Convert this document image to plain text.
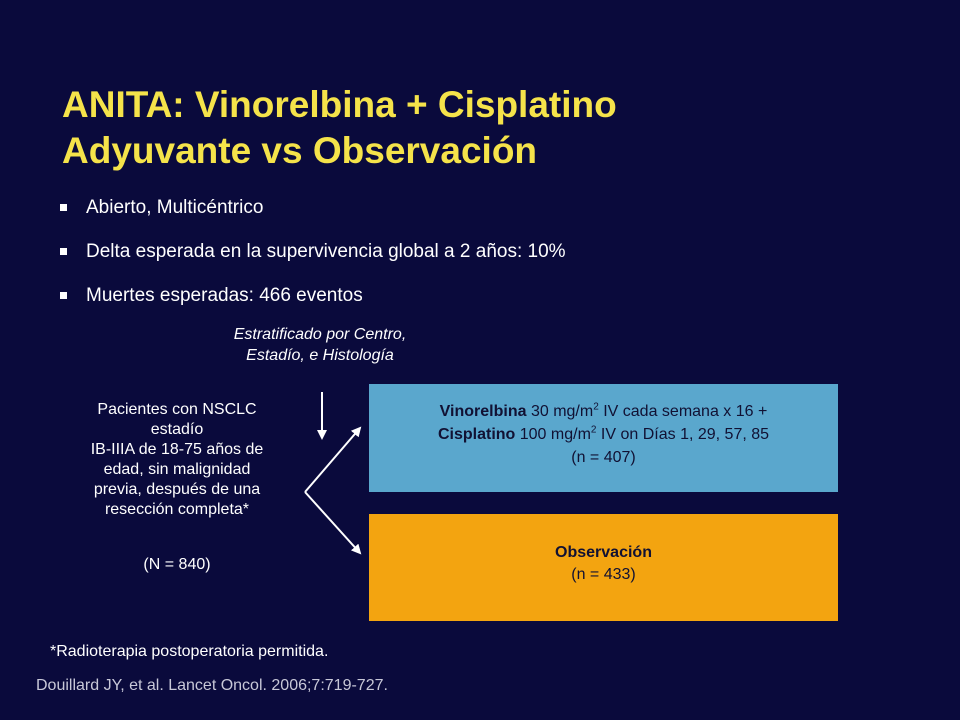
ANITA: Vinorelbina + Cisplatino
Adyuvante vs Observación
Abierto, Multicéntrico
Delta esperada en la supervivencia global a 2 años: 10%
Muertes esperadas: 466 eventos
Estratificado por Centro,
Estadío, e Histología
Pacientes con NSCLC
estadío
IB-IIIA de 18-75 años de
edad, sin malignidad
previa, después de una
resección completa*
(N = 840)
Vinorelbina 30 $mg/m^2$ IV cada semana x 16 +
Cisplatino 100 $mg/m^2$ IV on Días 1, 29, 57, 85
(n = 407)
Observación
(n = 433)
*Radioterapia postoperatoria permitida.
Douillard JY, et al. Lancet Oncol. 2006;7:719-727.
